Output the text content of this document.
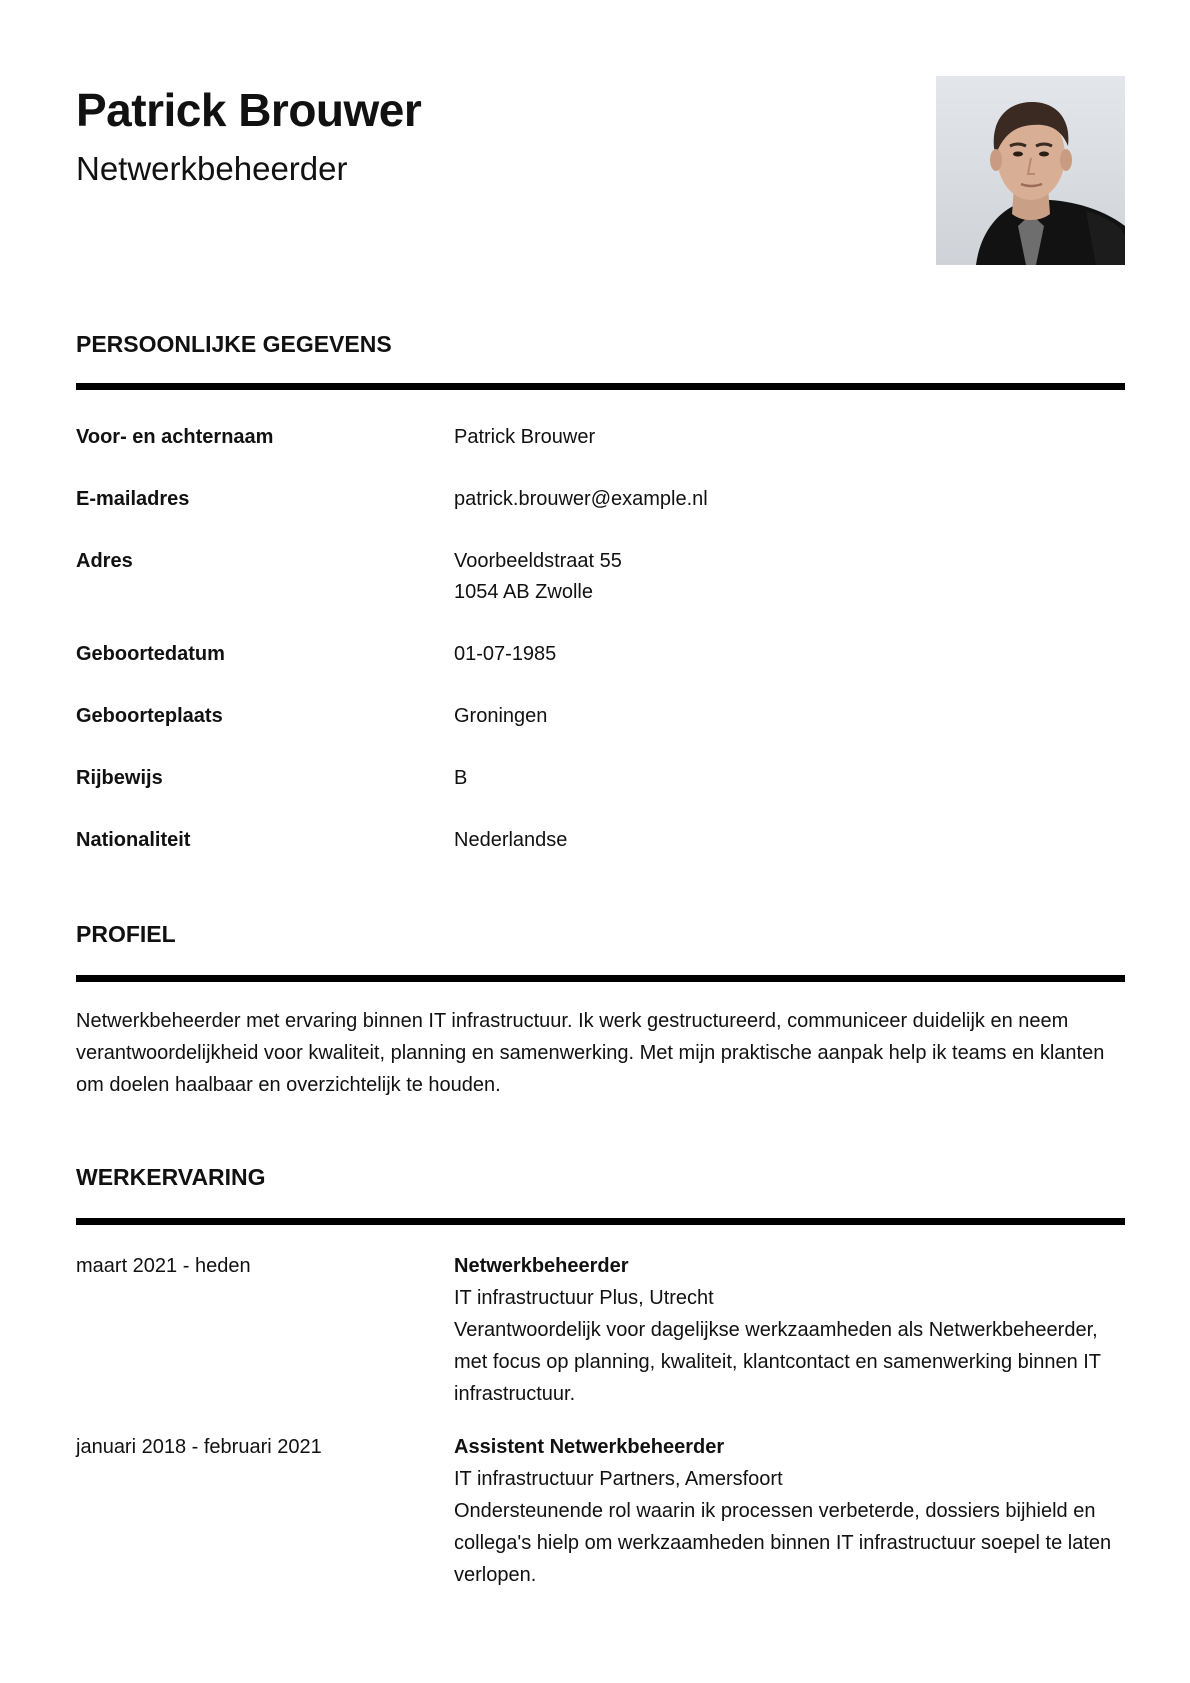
Patrick Brouwer
Netwerkbeheerder
PERSOONLIJKE GEGEVENS
Voor- en achternaam	Patrick Brouwer
E-mailadres	patrick.brouwer@example.nl
Adres	Voorbeeldstraat 55
1054 AB Zwolle
Geboortedatum	01-07-1985
Geboorteplaats	Groningen
Rijbewijs	B
Nationaliteit	Nederlandse
PROFIEL

Netwerkbeheerder met ervaring binnen IT infrastructuur. Ik werk gestructureerd, communiceer duidelijk en neem verantwoordelijkheid voor kwaliteit, planning en samenwerking. Met mijn praktische aanpak help ik teams en klanten om doelen haalbaar en overzichtelijk te houden.

WERKERVARING
maart 2021 - heden	Netwerkbeheerder
IT infrastructuur Plus, Utrecht
Verantwoordelijk voor dagelijkse werkzaamheden als Netwerkbeheerder, met focus op planning, kwaliteit, klantcontact en samenwerking binnen IT infrastructuur.
januari 2018 - februari 2021	Assistent Netwerkbeheerder
IT infrastructuur Partners, Amersfoort
Ondersteunende rol waarin ik processen verbeterde, dossiers bijhield en collega's hielp om werkzaamheden binnen IT infrastructuur soepel te laten verlopen.
